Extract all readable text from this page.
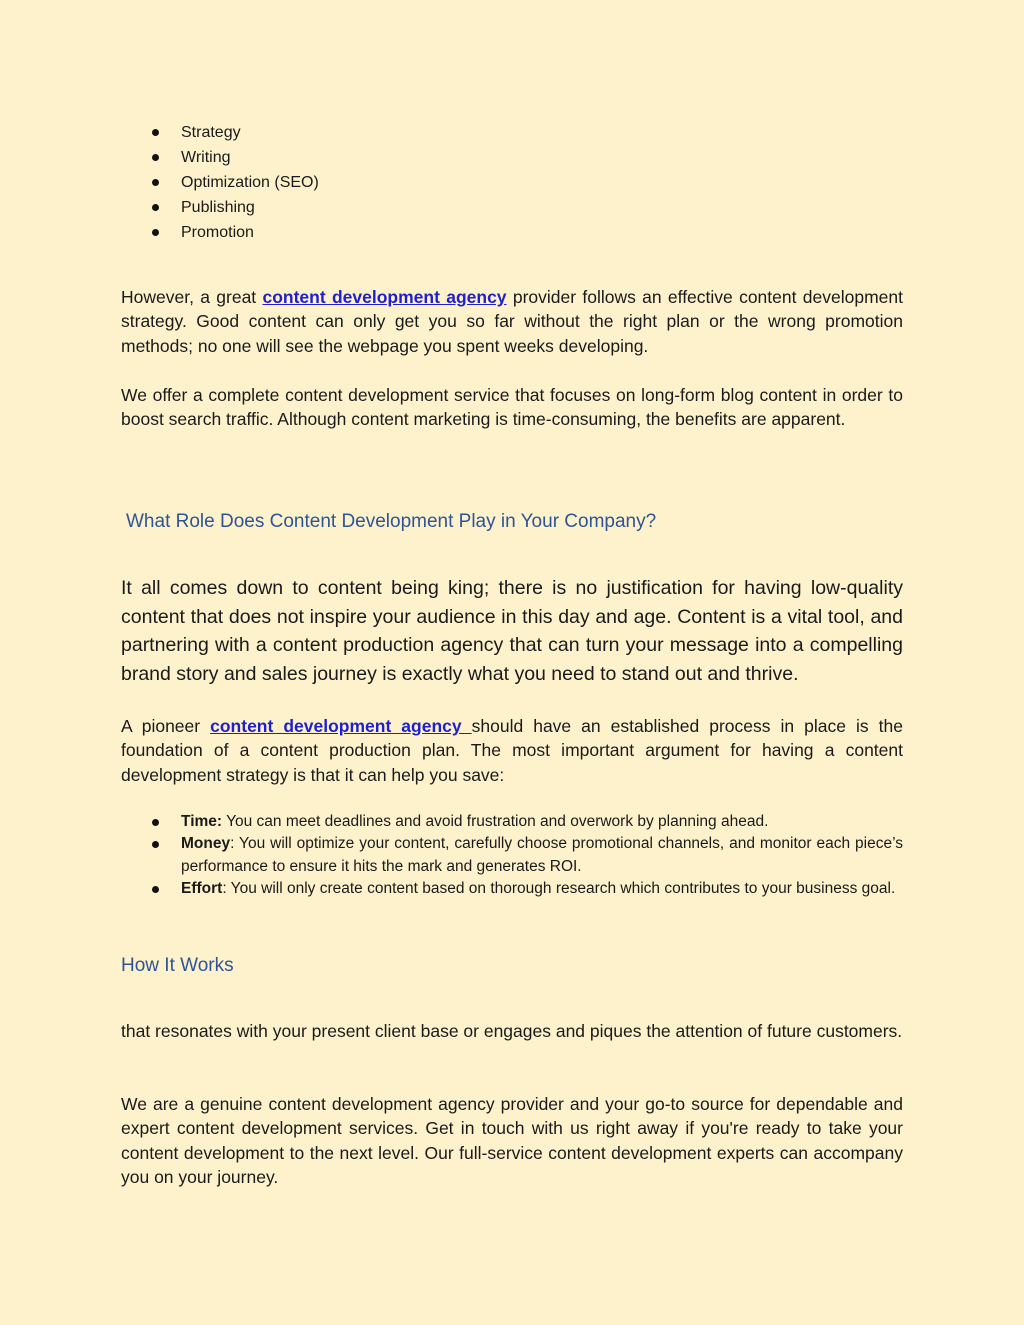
Strategy
Writing
Optimization (SEO)
Publishing
Promotion

However, a great content development agency provider follows an effective content development strategy. Good content can only get you so far without the right plan or the wrong promotion methods; no one will see the webpage you spent weeks developing.

We offer a complete content development service that focuses on long-form blog content in order to boost search traffic. Although content marketing is time-consuming, the benefits are apparent.

What Role Does Content Development Play in Your Company?

It all comes down to content being king; there is no justification for having low-quality content that does not inspire your audience in this day and age. Content is a vital tool, and partnering with a content production agency that can turn your message into a compelling brand story and sales journey is exactly what you need to stand out and thrive.

A pioneer content development agency should have an established process in place is the foundation of a content production plan. The most important argument for having a content development strategy is that it can help you save:

Time: You can meet deadlines and avoid frustration and overwork by planning ahead.
Money: You will optimize your content, carefully choose promotional channels, and monitor each piece’s performance to ensure it hits the mark and generates ROI.
Effort: You will only create content based on thorough research which contributes to your business goal.
How It Works

that resonates with your present client base or engages and piques the attention of future customers.

We are a genuine content development agency provider and your go-to source for dependable and expert content development services. Get in touch with us right away if you're ready to take your content development to the next level. Our full-service content development experts can accompany you on your journey.
